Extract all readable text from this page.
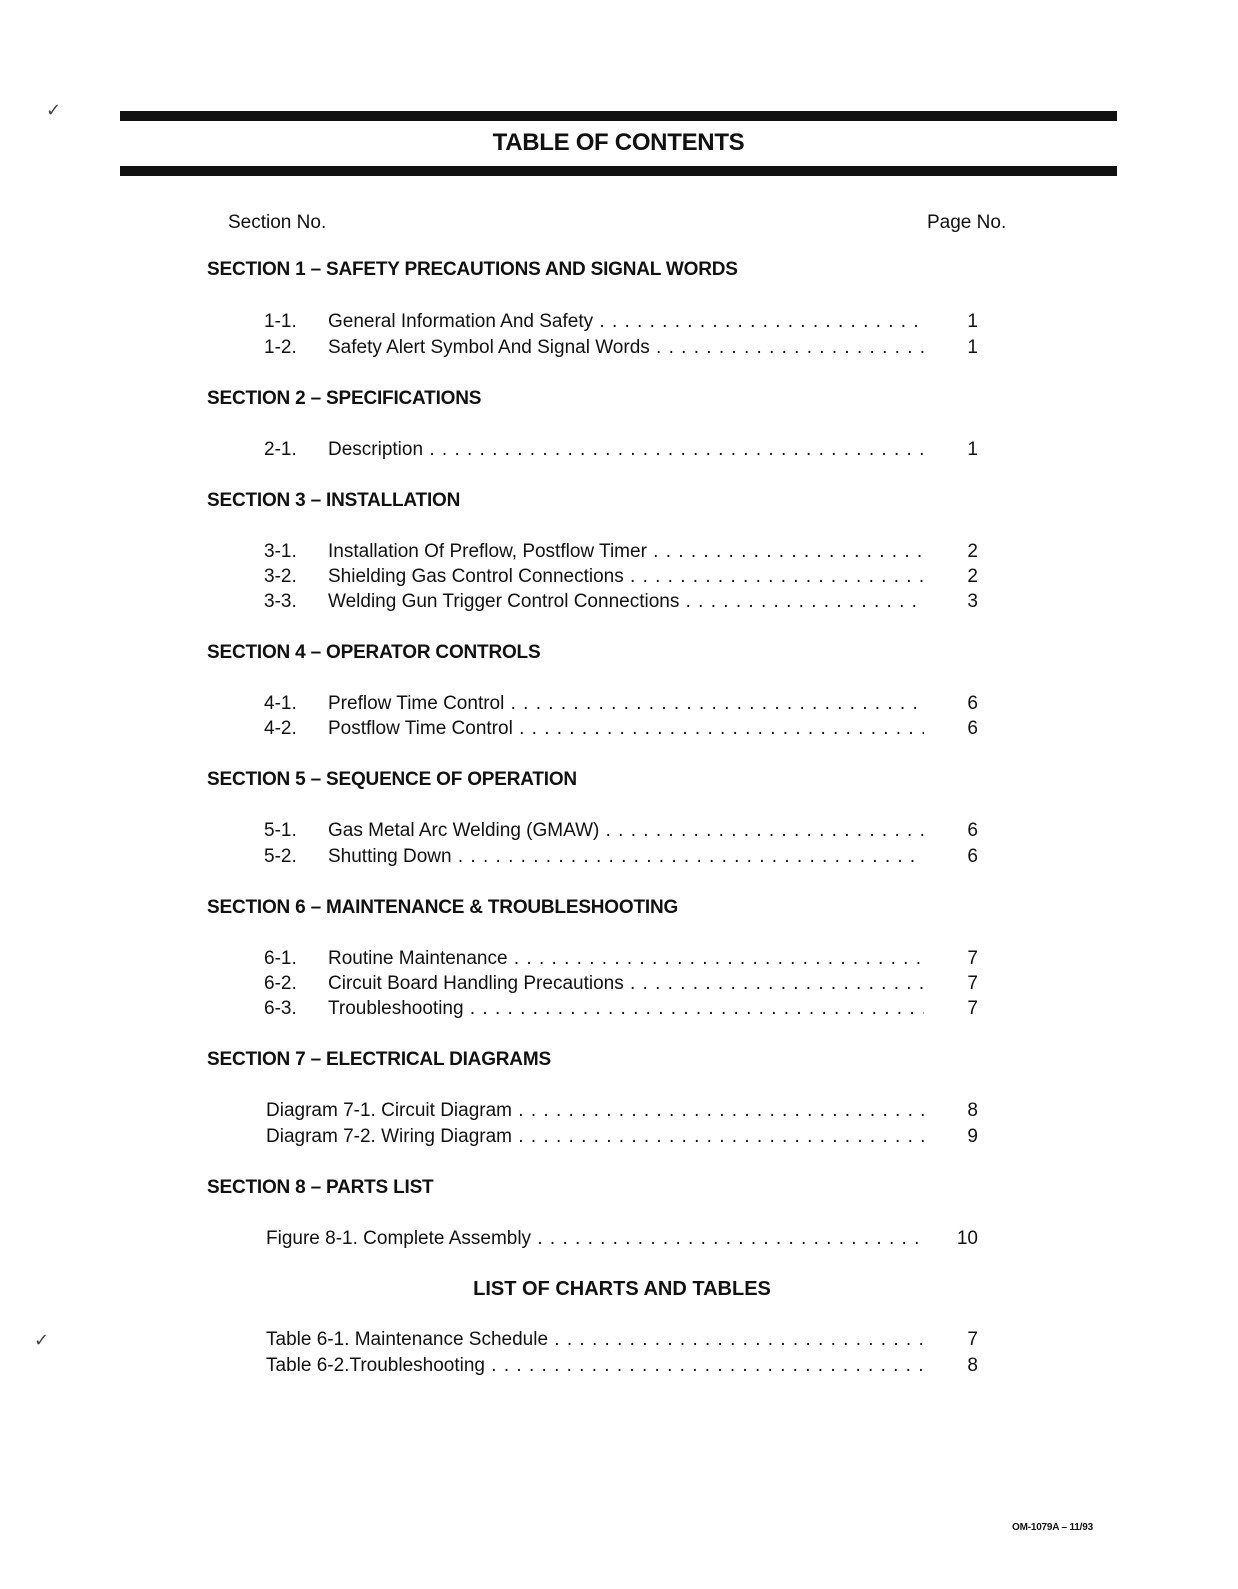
TABLE OF CONTENTS
Section No.	Page No.
SECTION 1 – SAFETY PRECAUTIONS AND SIGNAL WORDS
1-1. General Information And Safety . . .	1
1-2. Safety Alert Symbol And Signal Words . . .	1
SECTION 2 – SPECIFICATIONS
2-1. Description . . .	1
SECTION 3 – INSTALLATION
3-1. Installation Of Preflow, Postflow Timer . . .	2
3-2. Shielding Gas Control Connections . . .	2
3-3. Welding Gun Trigger Control Connections . . .	3
SECTION 4 – OPERATOR CONTROLS
4-1. Preflow Time Control . . .	6
4-2. Postflow Time Control . . .	6
SECTION 5 – SEQUENCE OF OPERATION
5-1. Gas Metal Arc Welding (GMAW) . . .	6
5-2. Shutting Down . . .	6
SECTION 6 – MAINTENANCE & TROUBLESHOOTING
6-1. Routine Maintenance . . .	7
6-2. Circuit Board Handling Precautions . . .	7
6-3. Troubleshooting . . .	7
SECTION 7 – ELECTRICAL DIAGRAMS
Diagram 7-1. Circuit Diagram . . .	8
Diagram 7-2. Wiring Diagram . . .	9
SECTION 8 – PARTS LIST
Figure 8-1. Complete Assembly . . .	10
LIST OF CHARTS AND TABLES
Table 6-1. Maintenance Schedule . . .	7
Table 6-2.Troubleshooting . . .	8
OM-1079A – 11/93
✓
✓
